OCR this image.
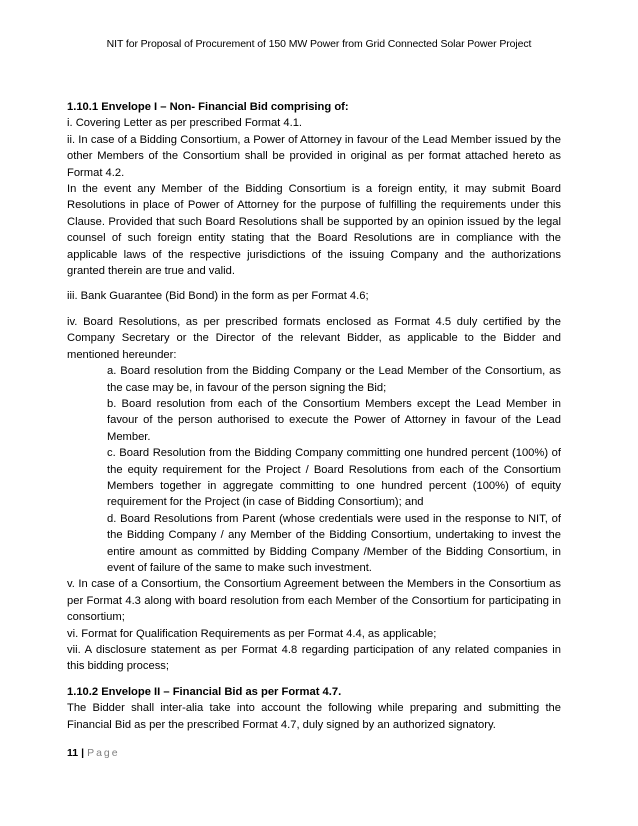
NIT for Proposal of Procurement of 150 MW Power from Grid Connected Solar Power Project

1.10.1 Envelope I – Non- Financial Bid comprising of:

i. Covering Letter as per prescribed Format 4.1.

ii. In case of a Bidding Consortium, a Power of Attorney in favour of the Lead Member issued by the other Members of the Consortium shall be provided in original as per format attached hereto as Format 4.2.

In the event any Member of the Bidding Consortium is a foreign entity, it may submit Board Resolutions in place of Power of Attorney for the purpose of fulfilling the requirements under this Clause. Provided that such Board Resolutions shall be supported by an opinion issued by the legal counsel of such foreign entity stating that the Board Resolutions are in compliance with the applicable laws of the respective jurisdictions of the issuing Company and the authorizations granted therein are true and valid.

iii. Bank Guarantee (Bid Bond) in the form as per Format 4.6;

iv. Board Resolutions, as per prescribed formats enclosed as Format 4.5 duly certified by the Company Secretary or the Director of the relevant Bidder, as applicable to the Bidder and mentioned hereunder:

a. Board resolution from the Bidding Company or the Lead Member of the Consortium, as the case may be, in favour of the person signing the Bid;

b. Board resolution from each of the Consortium Members except the Lead Member in favour of the person authorised to execute the Power of Attorney in favour of the Lead Member.

c. Board Resolution from the Bidding Company committing one hundred percent (100%) of the equity requirement for the Project / Board Resolutions from each of the Consortium Members together in aggregate committing to one hundred percent (100%) of equity requirement for the Project (in case of Bidding Consortium); and

d. Board Resolutions from Parent (whose credentials were used in the response to NIT, of the Bidding Company / any Member of the Bidding Consortium, undertaking to invest the entire amount as committed by Bidding Company /Member of the Bidding Consortium, in event of failure of the same to make such investment.

v. In case of a Consortium, the Consortium Agreement between the Members in the Consortium as per Format 4.3 along with board resolution from each Member of the Consortium for participating in consortium;

vi. Format for Qualification Requirements as per Format 4.4, as applicable;

vii. A disclosure statement as per Format 4.8 regarding participation of any related companies in this bidding process;

1.10.2 Envelope II – Financial Bid as per Format 4.7.

The Bidder shall inter-alia take into account the following while preparing and submitting the Financial Bid as per the prescribed Format 4.7, duly signed by an authorized signatory.

11 | Page
